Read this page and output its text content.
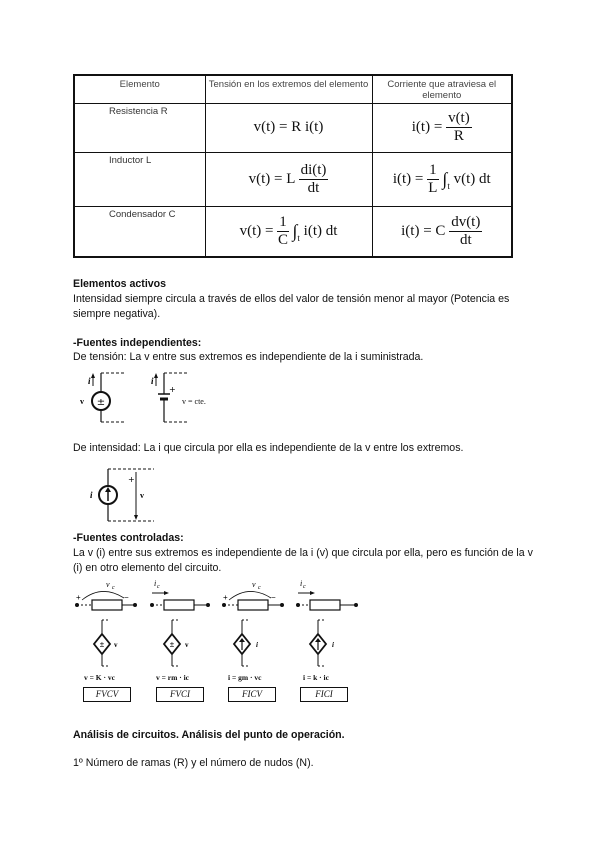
Elemento	Tensión en los extremos del elemento	Corriente que atraviesa el elemento
Resistencia R	v(t) = R i(t)	$i(t) = \frac{v(t)}{R}$

Inductor L	v(t) = L $\frac{di(t)}{dt}$	$i(t) = \frac{1}{L} \int_t$ v(t) dt
Condensador C	$v(t) = \frac{1}{C} \int_t$ i(t) dt	i(t) = C $\frac{dv(t)}{dt}$
Elementos activos
Intensidad siempre circula a través de ellos del valor de tensión menor al mayor (Potencia es siempre negativa).
-Fuentes independientes:
De tensión: La v entre sus extremos es independiente de la i suministrada.
i
±
v
i
+
v = cte.
De intensidad: La i que circula por ella es independiente de la v entre los extremos.
i
+
v
-Fuentes controladas:
La v (i) entre sus extremos es independiente de la i (v) que circula por ella, pero es función de la v (i) en otro elemento del circuito.
v c
+	−
± v
i c
± v
v c
+	−
i
i c
i
v = K · vc	v = rm · ic	i = gm · vc	i = k · ic
FVCV	FVCI	FICV	FICI
Análisis de circuitos. Análisis del punto de operación.
1º Número de ramas (R) y el número de nudos (N).
